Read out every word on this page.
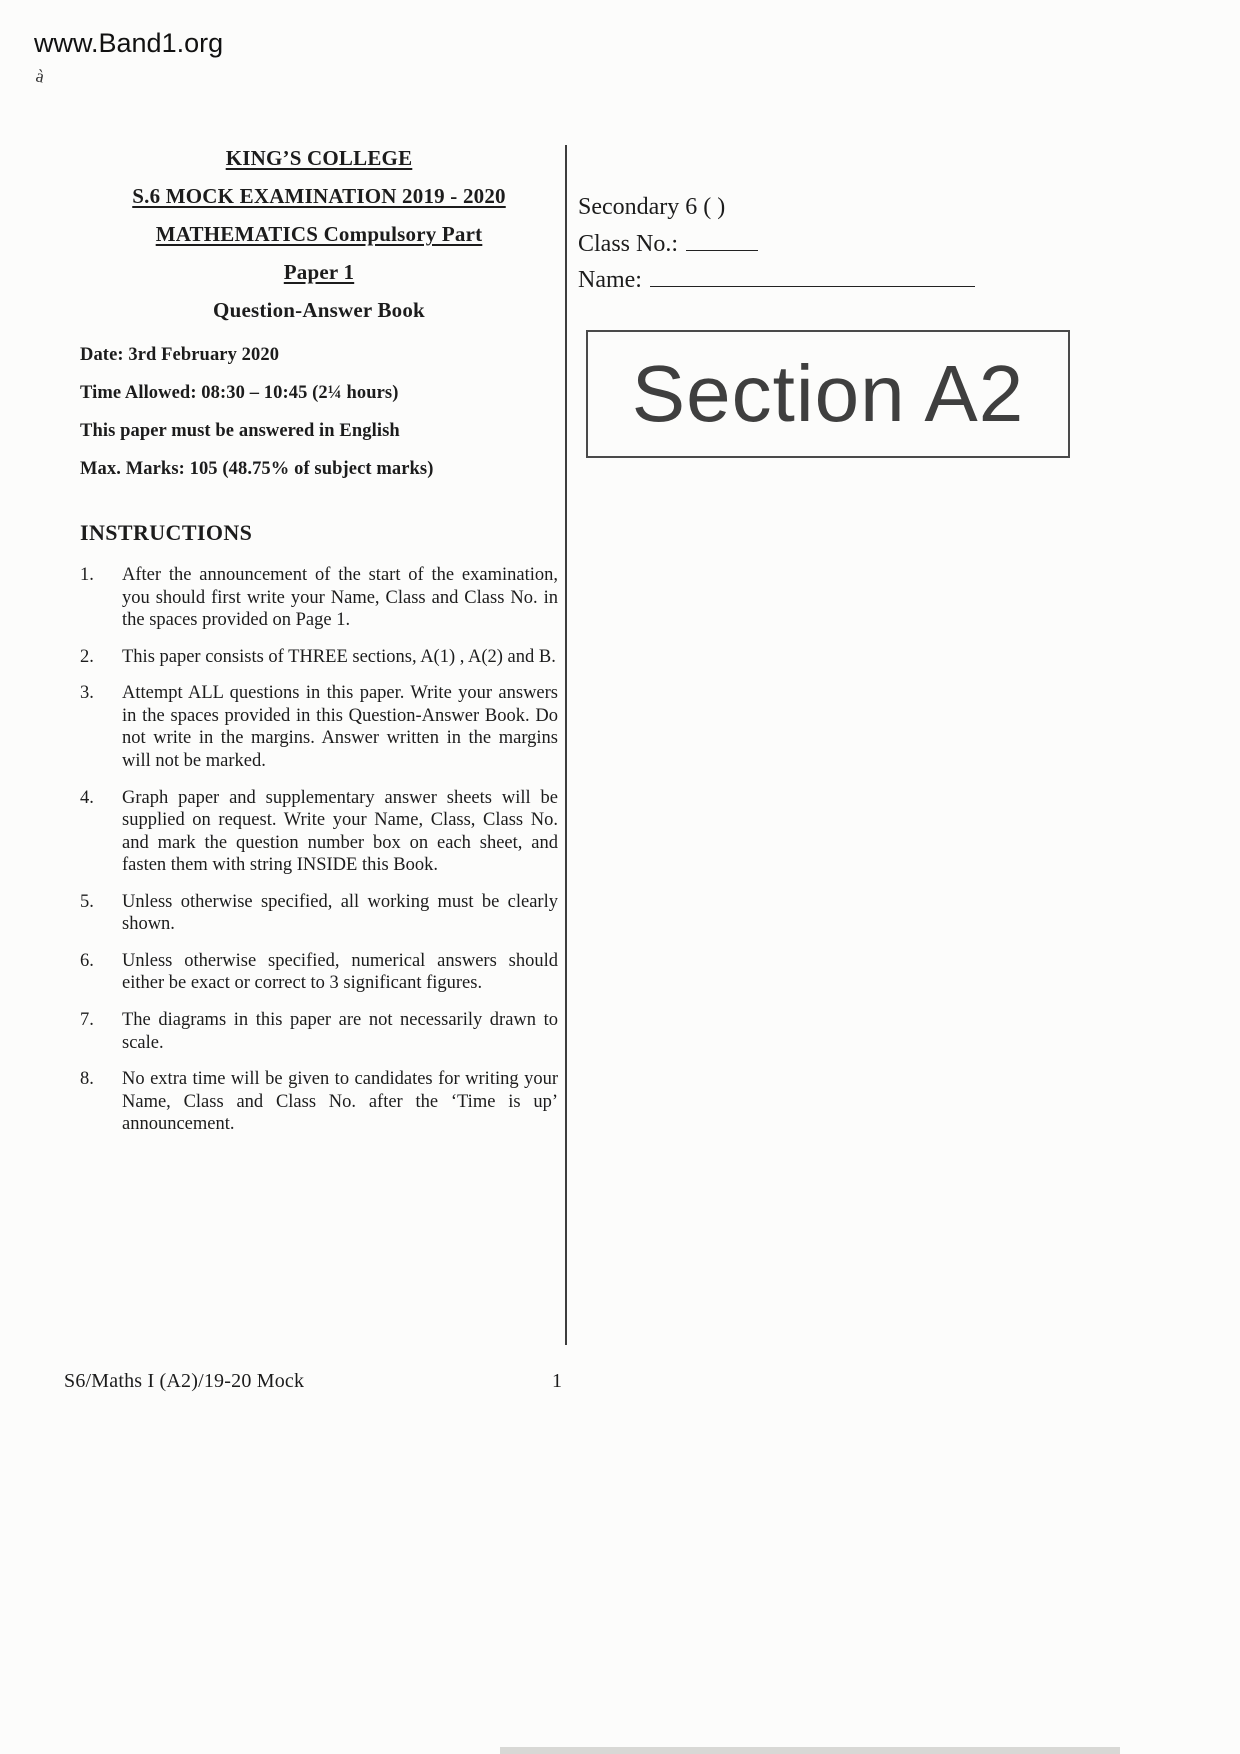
www.Band1.org
à
KING’S COLLEGE
S.6 MOCK EXAMINATION 2019 - 2020
MATHEMATICS Compulsory Part
Paper 1
Question-Answer Book
Date: 3rd February 2020
Time Allowed: 08:30 – 10:45 (2¼ hours)
This paper must be answered in English
Max. Marks: 105 (48.75% of subject marks)
INSTRUCTIONS
1.	After the announcement of the start of the examination, you should first write your Name, Class and Class No. in the spaces provided on Page 1.
2.	This paper consists of THREE sections, A(1) , A(2) and B.
3.	Attempt ALL questions in this paper. Write your answers in the spaces provided in this Question-Answer Book. Do not write in the margins. Answer written in the margins will not be marked.
4.	Graph paper and supplementary answer sheets will be supplied on request. Write your Name, Class, Class No. and mark the question number box on each sheet, and fasten them with string INSIDE this Book.
5.	Unless otherwise specified, all working must be clearly shown.
6.	Unless otherwise specified, numerical answers should either be exact or correct to 3 significant figures.
7.	The diagrams in this paper are not necessarily drawn to scale.
8.	No extra time will be given to candidates for writing your Name, Class and Class No. after the ‘Time is up’ announcement.
Secondary 6 ( )
Class No.:
Name:
Section A2
S6/Maths I (A2)/19-20 Mock	1
